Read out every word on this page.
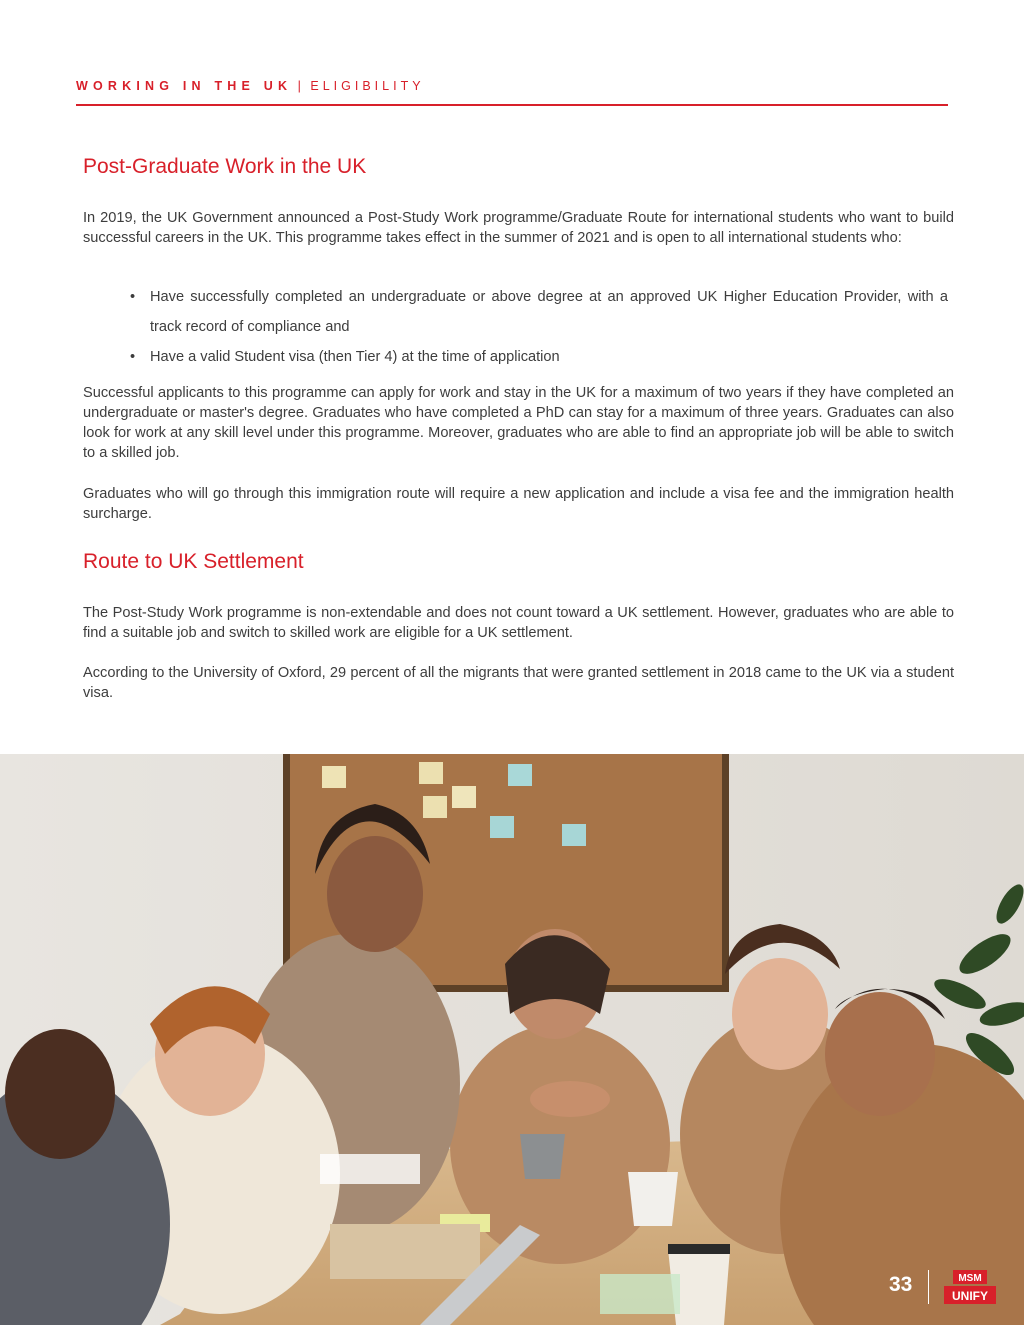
WORKING IN THE UK | ELIGIBILITY
Post-Graduate Work in the UK

In 2019, the UK Government announced a Post-Study Work programme/Graduate Route for international students who want to build successful careers in the UK. This programme takes effect in the summer of 2021 and is open to all international students who:

• Have successfully completed an undergraduate or above degree at an approved UK Higher Education Provider, with a track record of compliance and
• Have a valid Student visa (then Tier 4) at the time of application

Successful applicants to this programme can apply for work and stay in the UK for a maximum of two years if they have completed an undergraduate or master's degree. Graduates who have completed a PhD can stay for a maximum of three years. Graduates can also look for work at any skill level under this programme. Moreover, graduates who are able to find an appropriate job will be able to switch to a skilled job.

Graduates who will go through this immigration route will require a new application and include a visa fee and the immigration health surcharge.

Route to UK Settlement

The Post-Study Work programme is non-extendable and does not count toward a UK settlement. However, graduates who are able to find a suitable job and switch to skilled work are eligible for a UK settlement.

According to the University of Oxford, 29 percent of all the migrants that were granted settlement in 2018 came to the UK via a student visa.

33	MSM
UNIFY
